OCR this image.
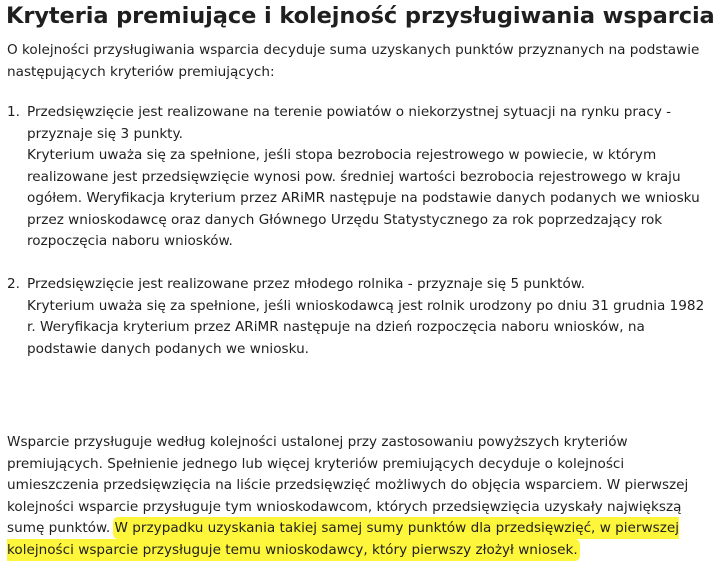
Kryteria premiujące i kolejność przysługiwania wsparcia

O kolejności przysługiwania wsparcia decyduje suma uzyskanych punktów przyznanych na podstawie następujących kryteriów premiujących:

1. Przedsięwzięcie jest realizowane na terenie powiatów o niekorzystnej sytuacji na rynku pracy - przyznaje się 3 punkty.

Kryterium uważa się za spełnione, jeśli stopa bezrobocia rejestrowego w powiecie, w którym realizowane jest przedsięwzięcie wynosi pow. średniej wartości bezrobocia rejestrowego w kraju ogółem. Weryfikacja kryterium przez ARiMR następuje na podstawie danych podanych we wniosku przez wnioskodawcę oraz danych Głównego Urzędu Statystycznego za rok poprzedzający rok rozpoczęcia naboru wniosków.

2. Przedsięwzięcie jest realizowane przez młodego rolnika - przyznaje się 5 punktów.

Kryterium uważa się za spełnione, jeśli wnioskodawcą jest rolnik urodzony po dniu 31 grudnia 1982 r. Weryfikacja kryterium przez ARiMR następuje na dzień rozpoczęcia naboru wniosków, na podstawie danych podanych we wniosku.

Wsparcie przysługuje według kolejności ustalonej przy zastosowaniu powyższych kryteriów premiujących. Spełnienie jednego lub więcej kryteriów premiujących decyduje o kolejności umieszczenia przedsięwzięcia na liście przedsięwzięć możliwych do objęcia wsparciem. W pierwszej kolejności wsparcie przysługuje tym wnioskodawcom, których przedsięwzięcia uzyskały największą sumę punktów. W przypadku uzyskania takiej samej sumy punktów dla przedsięwzięć, w pierwszej kolejności wsparcie przysługuje temu wnioskodawcy, który pierwszy złożył wniosek.
